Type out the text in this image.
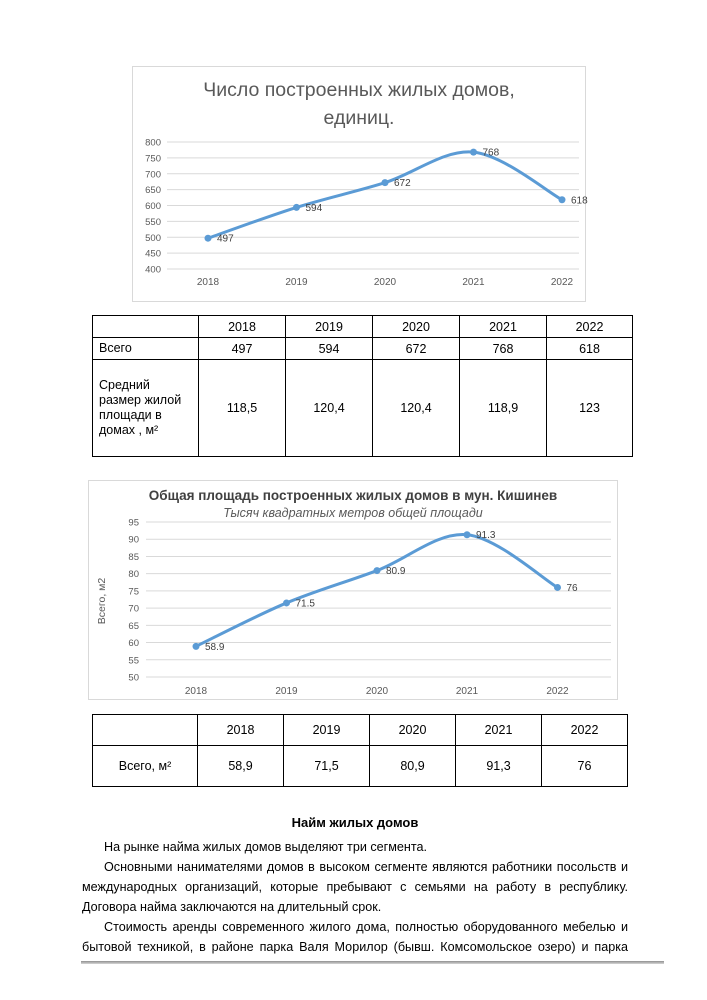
Число построенных жилых домов,
единиц.
400
450
500
550
600
650
700
750
800
2018	2019	2020	2021	2022
497
594
672
768
618
	2018	2019	2020	2021	2022
Всего	497	594	672	768	618
Средний размер жилой площади в домах , м²	118,5	120,4	120,4	118,9	123
Общая площадь построенных жилых домов в мун. Кишинев
Тысяч квадратных метров общей площади
Всего, м2
50
55
60
65
70
75
80
85
90
95
2018	2019	2020	2021	2022
58.9
71.5
80.9
91.3
76
	2018	2019	2020	2021	2022
Всего, м²	58,9	71,5	80,9	91,3	76
Найм жилых домов

На рынке найма жилых домов выделяют три сегмента.

Основными нанимателями домов в высоком сегменте являются работники посольств и международных организаций, которые пребывают с семьями на работу в республику. Договора найма заключаются на длительный срок.

Стоимость аренды современного жилого дома, полностью оборудованного мебелью и бытовой техникой, в районе парка Валя Морилор (бывш. Комсомольское озеро) и парка
